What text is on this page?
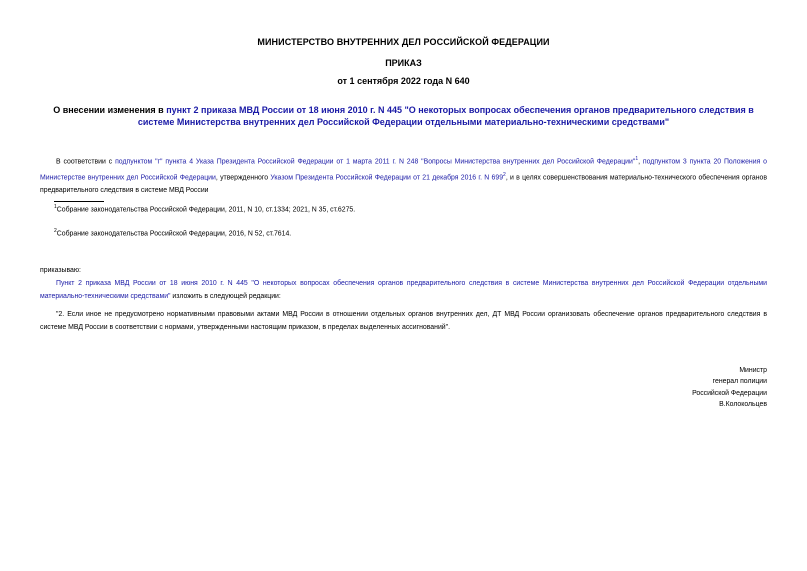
МИНИСТЕРСТВО ВНУТРЕННИХ ДЕЛ РОССИЙСКОЙ ФЕДЕРАЦИИ
ПРИКАЗ
от 1 сентября 2022 года N 640
О внесении изменения в пункт 2 приказа МВД России от 18 июня 2010 г. N 445 "О некоторых вопросах обеспечения органов предварительного следствия в системе Министерства внутренних дел Российской Федерации отдельными материально-техническими средствами"
В соответствии с подпунктом "г" пункта 4 Указа Президента Российской Федерации от 1 марта 2011 г. N 248 "Вопросы Министерства внутренних дел Российской Федерации"$^1$, подпунктом 3 пункта 20 Положения о Министерстве внутренних дел Российской Федерации, утвержденного Указом Президента Российской Федерации от 21 декабря 2016 г. N $699^2$, и в целях совершенствования материально-технического обеспечения органов предварительного следствия в системе МВД России
$^1$Собрание законодательства Российской Федерации, 2011, N 10, ст.1334; 2021, N 35, ст.6275.
$^2$Собрание законодательства Российской Федерации, 2016, N 52, ст.7614.
приказываю:
Пункт 2 приказа МВД России от 18 июня 2010 г. N 445 "О некоторых вопросах обеспечения органов предварительного следствия в системе Министерства внутренних дел Российской Федерации отдельными материально-техническими средствами" изложить в следующей редакции:
"2. Если иное не предусмотрено нормативными правовыми актами МВД России в отношении отдельных органов внутренних дел, ДТ МВД России организовать обеспечение органов предварительного следствия в системе МВД России в соответствии с нормами, утвержденными настоящим приказом, в пределах выделенных ассигнований".
Министр
генерал полиции
Российской Федерации
В.Колокольцев
